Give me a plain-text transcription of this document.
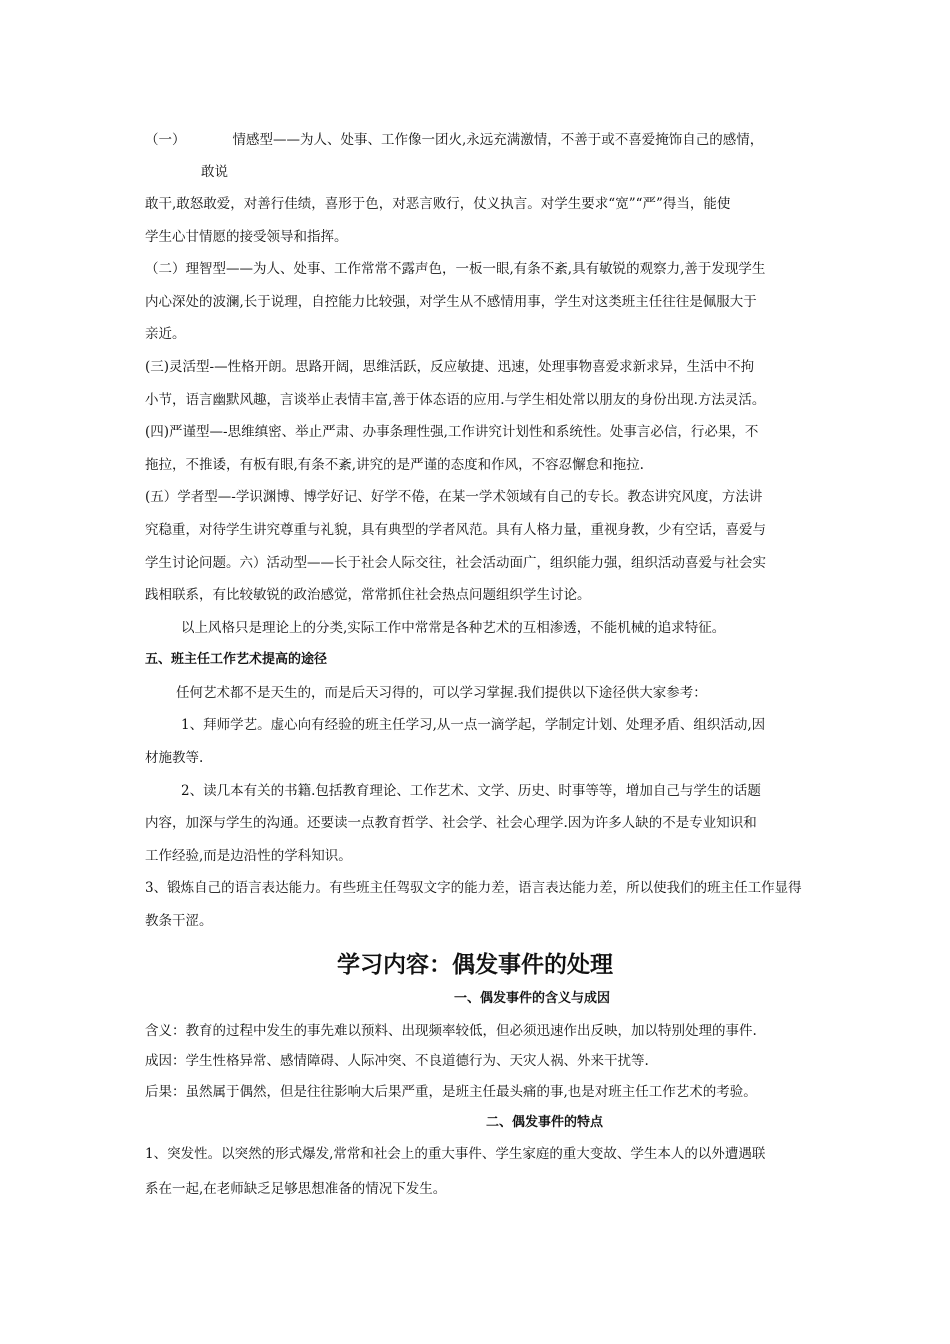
（一）	情感型——为人、处事、工作像一团火,永远充满激情，不善于或不喜爱掩饰自己的感情，
敢说
敢干,敢怒敢爱，对善行佳绩，喜形于色，对恶言败行，仗义执言。对学生要求“宽”“严”得当，能使
学生心甘情愿的接受领导和指挥。
（二）理智型——为人、处事、工作常常不露声色，一板一眼,有条不紊,具有敏锐的观察力,善于发现学生
内心深处的波澜,长于说理，自控能力比较强，对学生从不感情用事，学生对这类班主任往往是佩服大于
亲近。
(三)灵活型-—性格开朗。思路开阔，思维活跃，反应敏捷、迅速，处理事物喜爱求新求异，生活中不拘
小节，语言幽默风趣，言谈举止表情丰富,善于体态语的应用.与学生相处常以朋友的身份出现.方法灵活。
(四)严谨型—-思维缜密、举止严肃、办事条理性强,工作讲究计划性和系统性。处事言必信，行必果，不
拖拉，不推诿，有板有眼,有条不紊,讲究的是严谨的态度和作风，不容忍懈怠和拖拉.
(五）学者型—-学识渊博、博学好记、好学不倦，在某一学术领域有自己的专长。教态讲究风度，方法讲
究稳重，对待学生讲究尊重与礼貌，具有典型的学者风范。具有人格力量，重视身教，少有空话，喜爱与
学生讨论问题。六）活动型——长于社会人际交往，社会活动面广，组织能力强，组织活动喜爱与社会实
践相联系，有比较敏锐的政治感觉，常常抓住社会热点问题组织学生讨论。
以上风格只是理论上的分类,实际工作中常常是各种艺术的互相渗透，不能机械的追求特征。
五、班主任工作艺术提高的途径
任何艺术都不是天生的，而是后天习得的，可以学习掌握.我们提供以下途径供大家参考：
1、拜师学艺。虚心向有经验的班主任学习,从一点一滴学起，学制定计划、处理矛盾、组织活动,因
材施教等.
2、读几本有关的书籍.包括教育理论、工作艺术、文学、历史、时事等等，增加自己与学生的话题
内容，加深与学生的沟通。还要读一点教育哲学、社会学、社会心理学.因为许多人缺的不是专业知识和
工作经验,而是边沿性的学科知识。
3、锻炼自己的语言表达能力。有些班主任驾驭文字的能力差，语言表达能力差，所以使我们的班主任工作显得
教条干涩。
学习内容：偶发事件的处理
一、偶发事件的含义与成因
含义：教育的过程中发生的事先难以预料、出现频率较低，但必须迅速作出反映，加以特别处理的事件.
成因：学生性格异常、感情障碍、人际冲突、不良道德行为、天灾人祸、外来干扰等.
后果：虽然属于偶然，但是往往影响大后果严重，是班主任最头痛的事,也是对班主任工作艺术的考验。
二、偶发事件的特点
1、突发性。以突然的形式爆发,常常和社会上的重大事件、学生家庭的重大变故、学生本人的以外遭遇联
系在一起,在老师缺乏足够思想准备的情况下发生。
